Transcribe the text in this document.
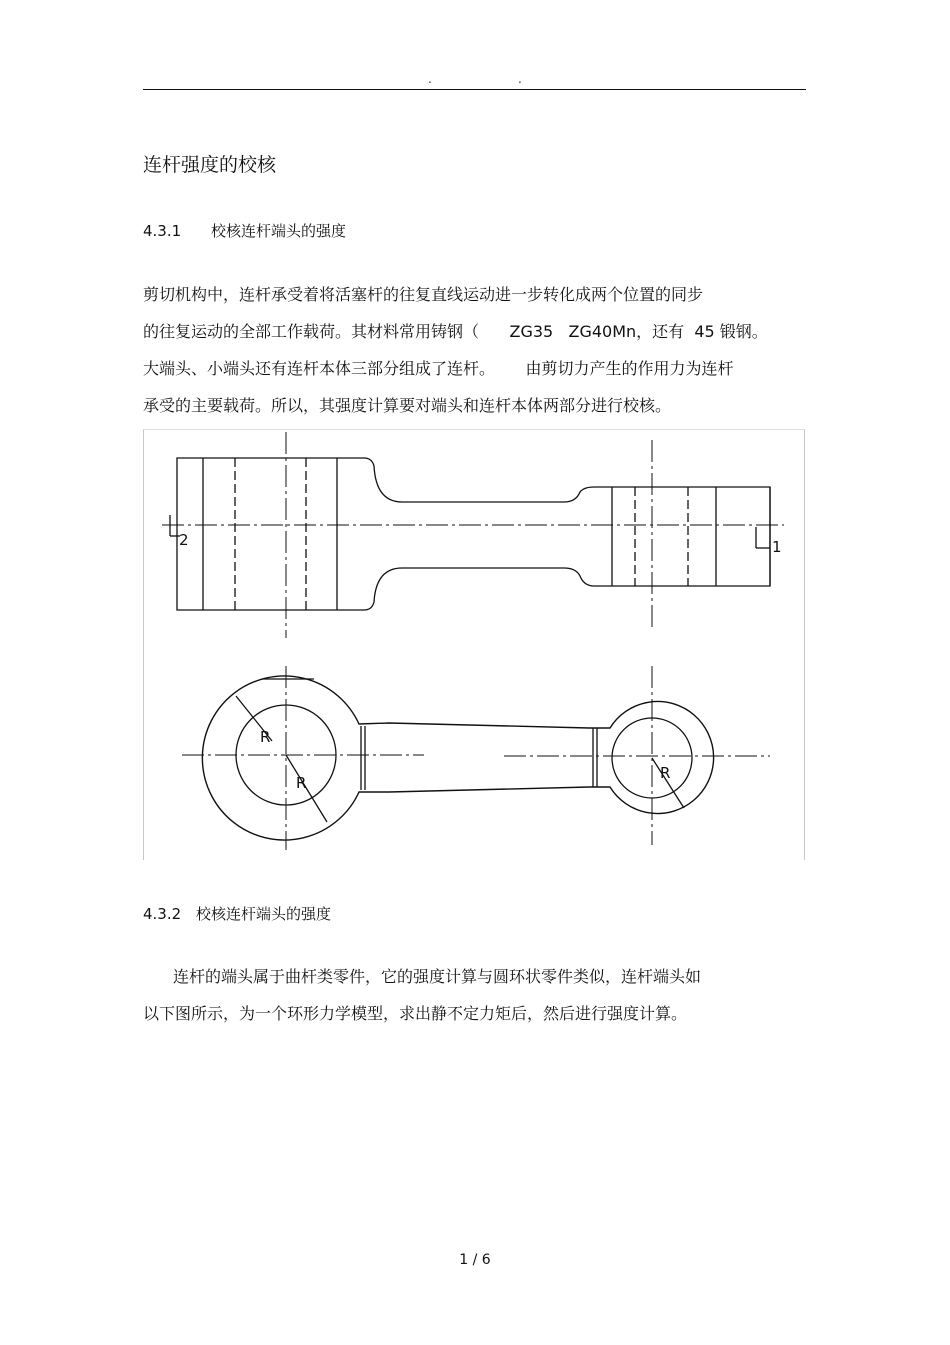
.	.
连杆强度的校核
4.3.1 校核连杆端头的强度
剪切机构中，连杆承受着将活塞杆的往复直线运动进一步转化成两个位置的同步
的往复运动的全部工作载荷。其材料常用铸钢（      ZG35   ZG40Mn，还有  45 锻钢。
大端头、小端头还有连杆本体三部分组成了连杆。      由剪切力产生的作用力为连杆
承受的主要载荷。所以，其强度计算要对端头和连杆本体两部分进行校核。
2	1
R
R
R
L
L
4.3.2 校核连杆端头的强度
连杆的端头属于曲杆类零件，它的强度计算与圆环状零件类似，连杆端头如
以下图所示，为一个环形力学模型，求出静不定力矩后，然后进行强度计算。
1 / 6
